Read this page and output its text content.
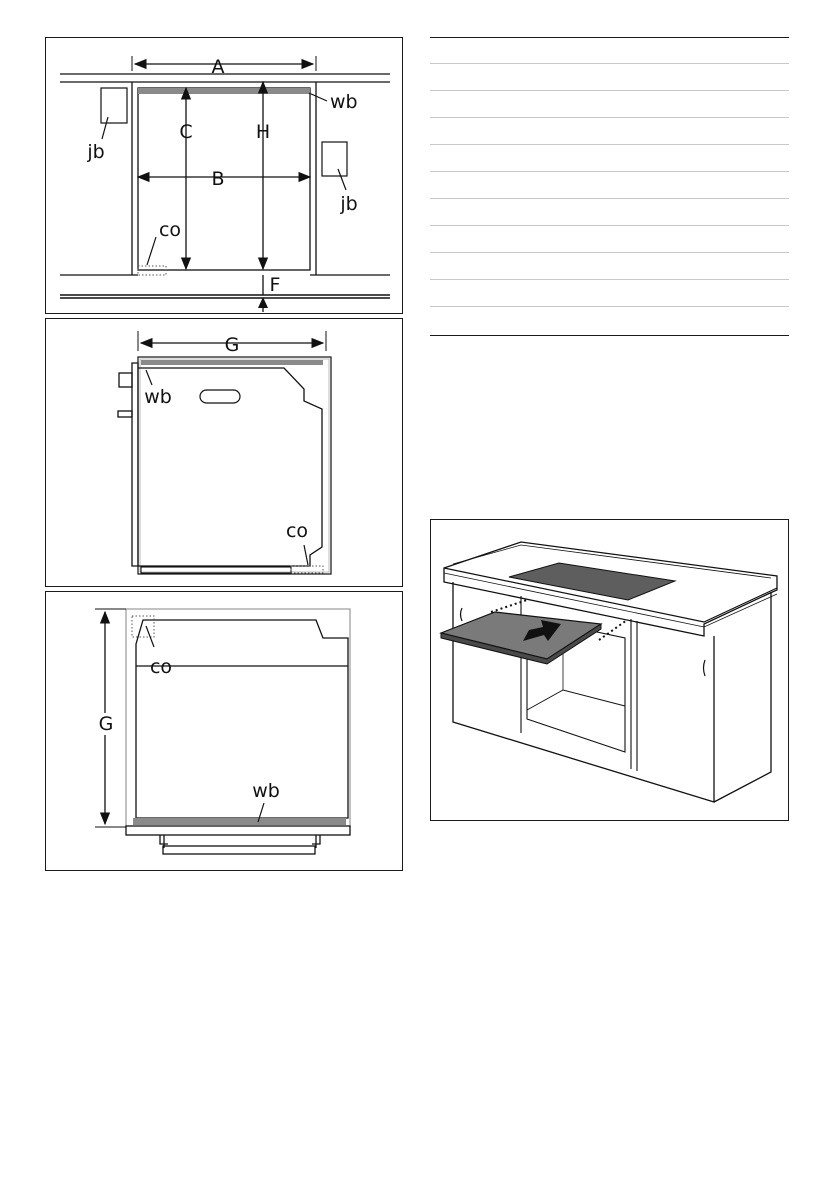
A
B
C	H
F
wb
jb
jb
co
G
wb
co
G
co
wb
